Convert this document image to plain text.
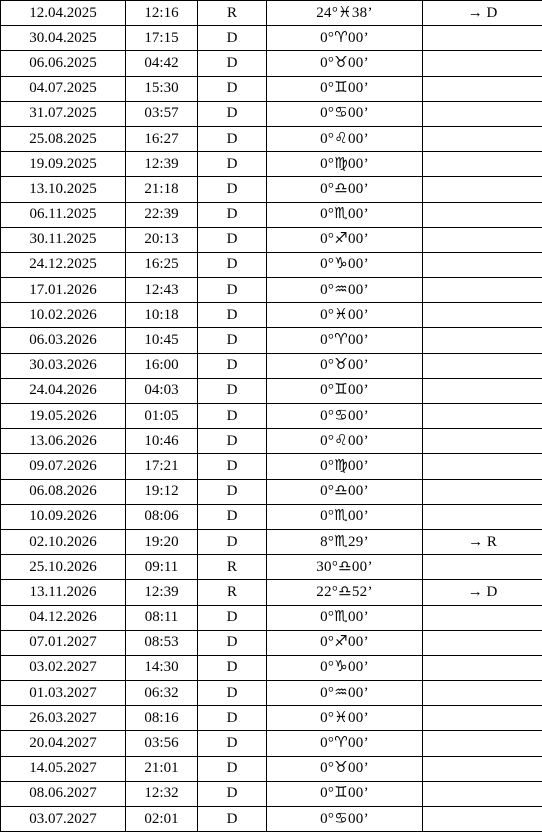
12.04.2025	12:16	R	24°♓︎38’	→ D
30.04.2025	17:15	D	0°♈︎00’	
06.06.2025	04:42	D	0°♉︎00’	
04.07.2025	15:30	D	0°♊︎00’	
31.07.2025	03:57	D	0°♋︎00’	
25.08.2025	16:27	D	0°♌︎00’	
19.09.2025	12:39	D	0°♍︎00’	
13.10.2025	21:18	D	0°♎︎00’	
06.11.2025	22:39	D	0°♏︎00’	
30.11.2025	20:13	D	0°♐︎00’	
24.12.2025	16:25	D	0°♑︎00’	
17.01.2026	12:43	D	0°♒︎00’	
10.02.2026	10:18	D	0°♓︎00’	
06.03.2026	10:45	D	0°♈︎00’	
30.03.2026	16:00	D	0°♉︎00’	
24.04.2026	04:03	D	0°♊︎00’	
19.05.2026	01:05	D	0°♋︎00’	
13.06.2026	10:46	D	0°♌︎00’	
09.07.2026	17:21	D	0°♍︎00’	
06.08.2026	19:12	D	0°♎︎00’	
10.09.2026	08:06	D	0°♏︎00’	
02.10.2026	19:20	D	8°♏︎29’	→ R
25.10.2026	09:11	R	30°♎︎00’	
13.11.2026	12:39	R	22°♎︎52’	→ D
04.12.2026	08:11	D	0°♏︎00’	
07.01.2027	08:53	D	0°♐︎00’	
03.02.2027	14:30	D	0°♑︎00’	
01.03.2027	06:32	D	0°♒︎00’	
26.03.2027	08:16	D	0°♓︎00’	
20.04.2027	03:56	D	0°♈︎00’	
14.05.2027	21:01	D	0°♉︎00’	
08.06.2027	12:32	D	0°♊︎00’	
03.07.2027	02:01	D	0°♋︎00’	
